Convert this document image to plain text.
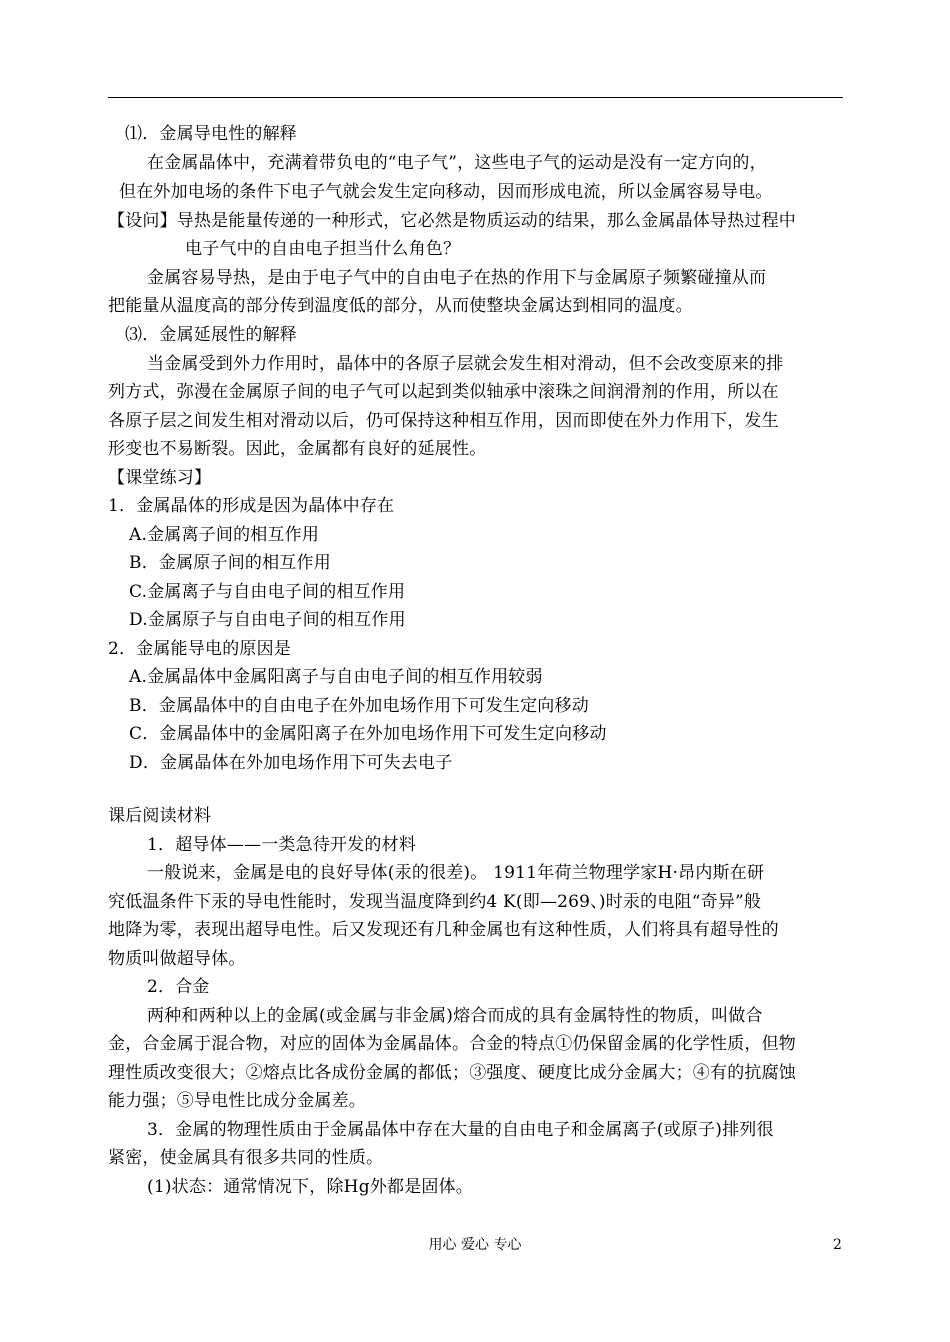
⑴．金属导电性的解释
在金属晶体中，充满着带负电的“电子气”，这些电子气的运动是没有一定方向的，
但在外加电场的条件下电子气就会发生定向移动，因而形成电流，所以金属容易导电。
【设问】导热是能量传递的一种形式，它必然是物质运动的结果，那么金属晶体导热过程中
电子气中的自由电子担当什么角色？
金属容易导热，是由于电子气中的自由电子在热的作用下与金属原子频繁碰撞从而
把能量从温度高的部分传到温度低的部分，从而使整块金属达到相同的温度。
⑶．金属延展性的解释
当金属受到外力作用时，晶体中的各原子层就会发生相对滑动，但不会改变原来的排
列方式，弥漫在金属原子间的电子气可以起到类似轴承中滚珠之间润滑剂的作用，所以在
各原子层之间发生相对滑动以后，仍可保持这种相互作用，因而即使在外力作用下，发生
形变也不易断裂。因此，金属都有良好的延展性。
【课堂练习】
1．金属晶体的形成是因为晶体中存在
A.金属离子间的相互作用
B．金属原子间的相互作用
C.金属离子与自由电子间的相互作用
D.金属原子与自由电子间的相互作用
2．金属能导电的原因是
A.金属晶体中金属阳离子与自由电子间的相互作用较弱
B．金属晶体中的自由电子在外加电场作用下可发生定向移动
C．金属晶体中的金属阳离子在外加电场作用下可发生定向移动
D．金属晶体在外加电场作用下可失去电子
课后阅读材料
1．超导体——一类急待开发的材料
一般说来，金属是电的良好导体(汞的很差)。 1911年荷兰物理学家H·昂内斯在研
究低温条件下汞的导电性能时，发现当温度降到约4 K(即—269、)时汞的电阻“奇异”般
地降为零，表现出超导电性。后又发现还有几种金属也有这种性质，人们将具有超导性的
物质叫做超导体。
2．合金
两种和两种以上的金属(或金属与非金属)熔合而成的具有金属特性的物质，叫做合
金，合金属于混合物，对应的固体为金属晶体。合金的特点①仍保留金属的化学性质，但物
理性质改变很大；②熔点比各成份金属的都低；③强度、硬度比成分金属大；④有的抗腐蚀
能力强；⑤导电性比成分金属差。
3．金属的物理性质由于金属晶体中存在大量的自由电子和金属离子(或原子)排列很
紧密，使金属具有很多共同的性质。
(1)状态：通常情况下，除Hg外都是固体。
用心 爱心 专心	2
